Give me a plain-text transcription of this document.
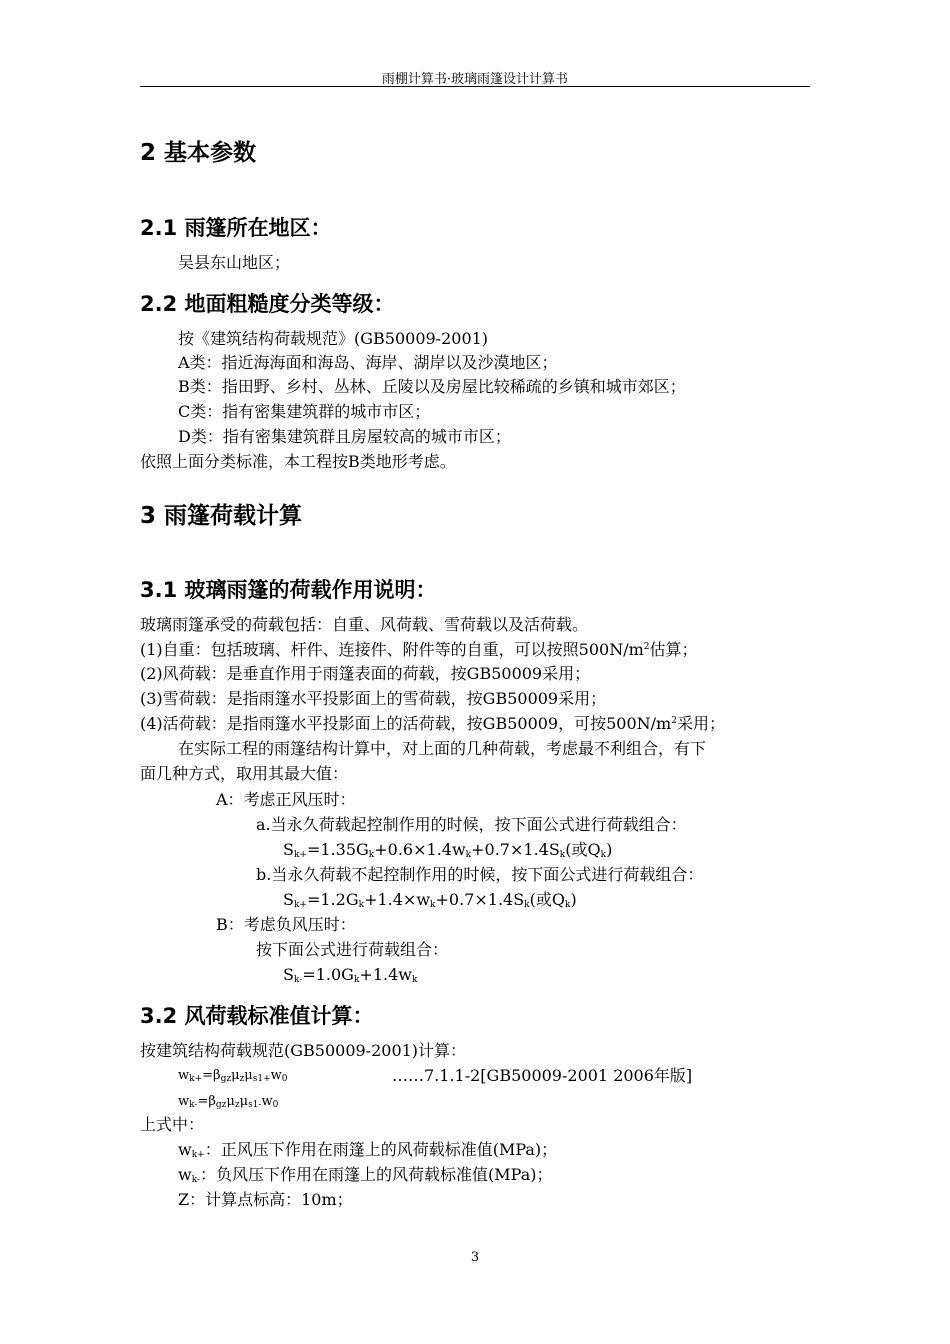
雨棚计算书·玻璃雨篷设计计算书
2 基本参数
2.1 雨篷所在地区：
吴县东山地区；
2.2 地面粗糙度分类等级：
按《建筑结构荷载规范》(GB50009-2001)
A类：指近海海面和海岛、海岸、湖岸以及沙漠地区；
B类：指田野、乡村、丛林、丘陵以及房屋比较稀疏的乡镇和城市郊区；
C类：指有密集建筑群的城市市区；
D类：指有密集建筑群且房屋较高的城市市区；
依照上面分类标准，本工程按B类地形考虑。
3 雨篷荷载计算
3.1 玻璃雨篷的荷载作用说明：
玻璃雨篷承受的荷载包括：自重、风荷载、雪荷载以及活荷载。
(1)自重：包括玻璃、杆件、连接件、附件等的自重，可以按照$500N/m^2$估算；
(2)风荷载：是垂直作用于雨篷表面的荷载，按GB50009采用；
(3)雪荷载：是指雨篷水平投影面上的雪荷载，按GB50009采用；
(4)活荷载：是指雨篷水平投影面上的活荷载，按GB50009，可按$500N/m^2$采用；
在实际工程的雨篷结构计算中，对上面的几种荷载，考虑最不利组合，有下
面几种方式，取用其最大值：
A：考虑正风压时：
a.当永久荷载起控制作用的时候，按下面公式进行荷载组合：
$S_{k+}=1.35G_k+0.6\times 1.4w_k+0.7\times 1.4S_k$(或$Q_k$)
b.当永久荷载不起控制作用的时候，按下面公式进行荷载组合：
$S_{k+}=1.2G_k+1.4\times w_k+0.7\times 1.4S_k$(或$Q_k$)
B：考虑负风压时：
按下面公式进行荷载组合：
$S_{k-}=1.0G_k+1.4w_k$
3.2 风荷载标准值计算：
按建筑结构荷载规范(GB50009-2001)计算：
$w_{k+}=\beta_{gz}\mu_z\mu_{s1+}w_0$	……7.1.1-2[GB50009-2001 2006年版]
$w_{k-}=\beta_{gz}\mu_z\mu_{s1-}w_0$
上式中：
$w_{k+}$：正风压下作用在雨篷上的风荷载标准值(MPa)；
$w_{k-}$：负风压下作用在雨篷上的风荷载标准值(MPa)；
Z：计算点标高：10m；
3
